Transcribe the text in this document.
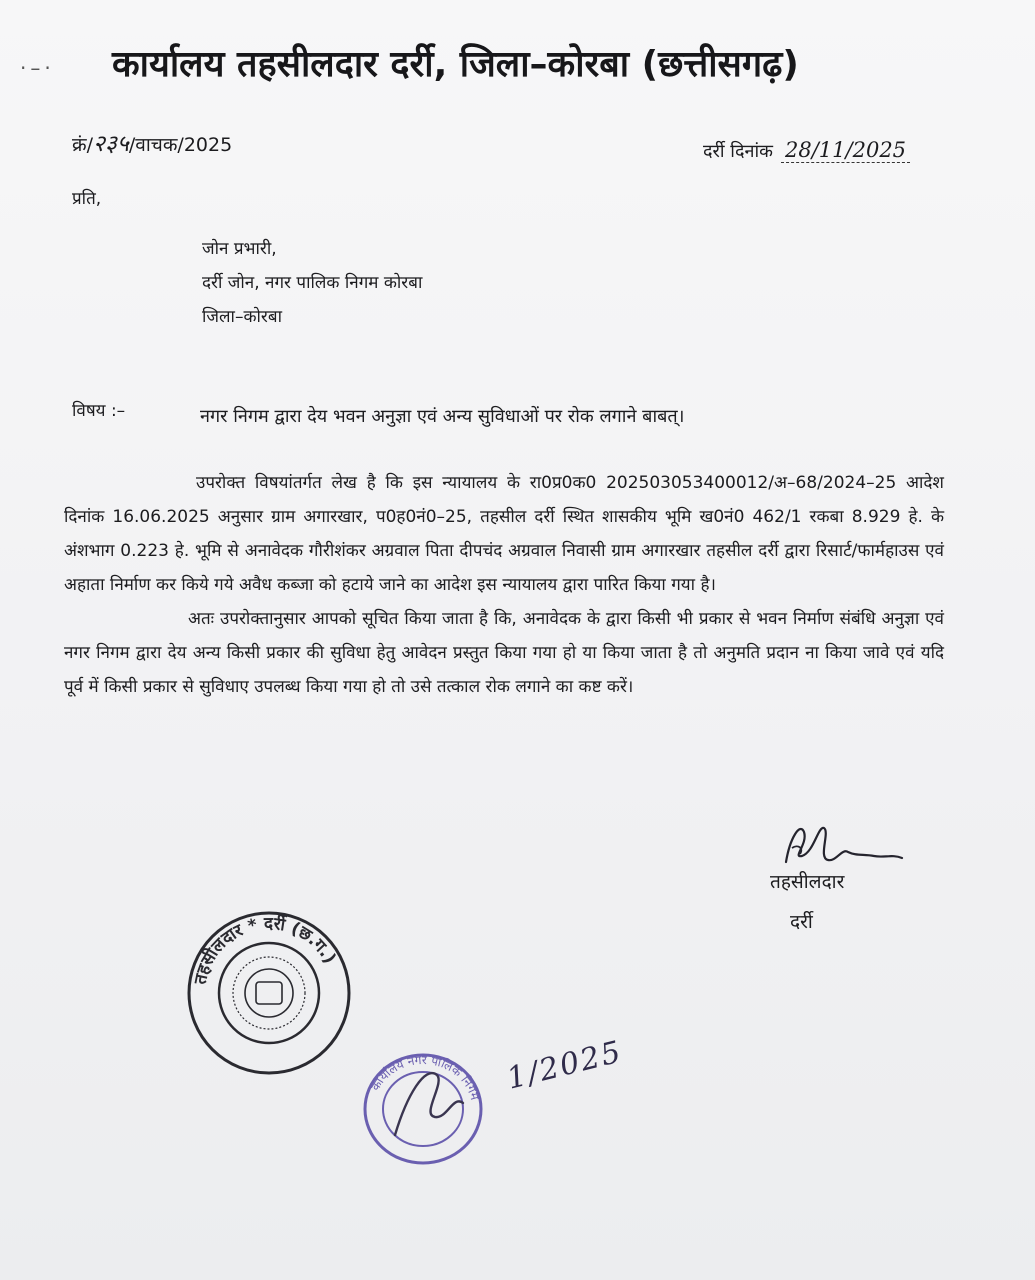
·–· कार्यालय तहसीलदार दर्री, जिला–कोरबा (छत्तीसगढ़)
क्रं/२३५/वाचक/2025	दर्री दिनांक 28/11/2025
प्रति,
जोन प्रभारी,
दर्री जोन, नगर पालिक निगम कोरबा
जिला–कोरबा
विषय :–	नगर निगम द्वारा देय भवन अनुज्ञा एवं अन्य सुविधाओं पर रोक लगाने बाबत्।

उपरोक्त विषयांतर्गत लेख है कि इस न्यायालय के रा0प्र0क0 202503053400012/अ–68/2024–25 आदेश दिनांक 16.06.2025 अनुसार ग्राम अगारखार, प0ह0नं0–25, तहसील दर्री स्थित शासकीय भूमि ख0नं0 462/1 रकबा 8.929 हे. के अंशभाग 0.223 हे. भूमि से अनावेदक गौरीशंकर अग्रवाल पिता दीपचंद अग्रवाल निवासी ग्राम अगारखार तहसील दर्री द्वारा रिसार्ट/फार्महाउस एवं अहाता निर्माण कर किये गये अवैध कब्जा को हटाये जाने का आदेश इस न्यायालय द्वारा पारित किया गया है।

अतः उपरोक्तानुसार आपको सूचित किया जाता है कि, अनावेदक के द्वारा किसी भी प्रकार से भवन निर्माण संबंधि अनुज्ञा एवं नगर निगम द्वारा देय अन्य किसी प्रकार की सुविधा हेतु आवेदन प्रस्तुत किया गया हो या किया जाता है तो अनुमति प्रदान ना किया जावे एवं यदि पूर्व में किसी प्रकार से सुविधाए उपलब्ध किया गया हो तो उसे तत्काल रोक लगाने का कष्ट करें।

तहसीलदार
दर्री
तहसीलदार * दर्री (छ.ग.)
कार्यालय नगर पालिक निगम 1/2025
